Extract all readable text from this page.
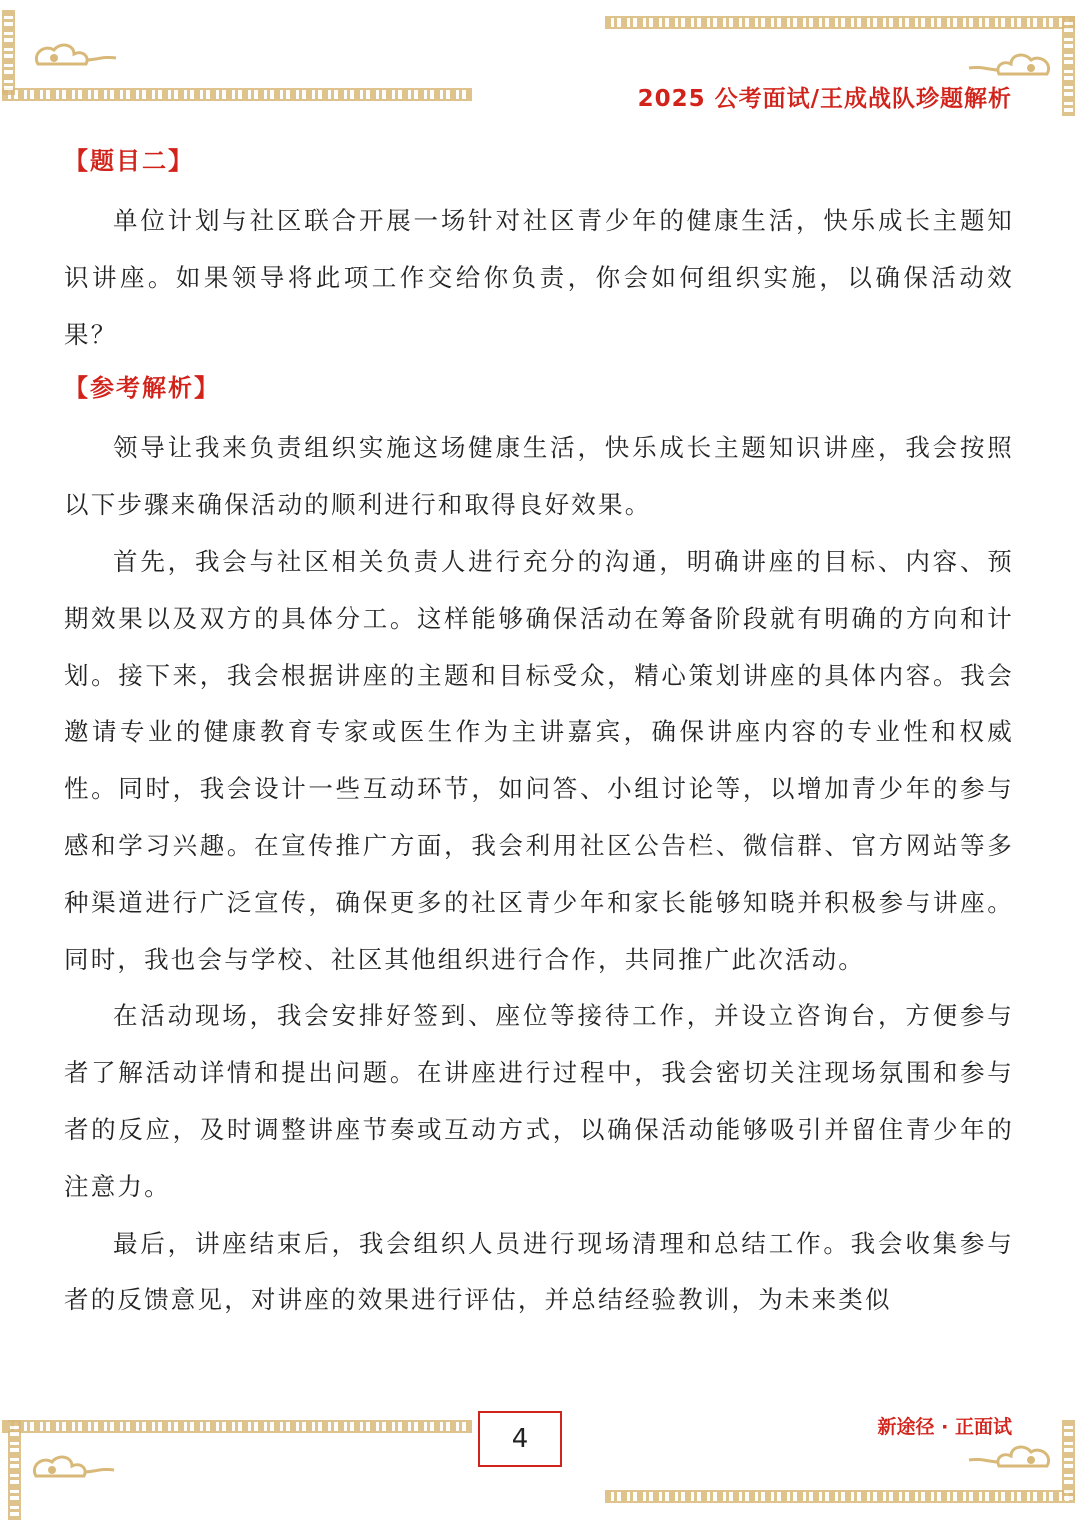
2025 公考面试/王成战队珍题解析
【题目二】

单位计划与社区联合开展一场针对社区青少年的健康生活，快乐成长主题知识讲座。如果领导将此项工作交给你负责，你会如何组织实施，以确保活动效果？

【参考解析】

领导让我来负责组织实施这场健康生活，快乐成长主题知识讲座，我会按照以下步骤来确保活动的顺利进行和取得良好效果。

首先，我会与社区相关负责人进行充分的沟通，明确讲座的目标、内容、预期效果以及双方的具体分工。这样能够确保活动在筹备阶段就有明确的方向和计划。接下来，我会根据讲座的主题和目标受众，精心策划讲座的具体内容。我会邀请专业的健康教育专家或医生作为主讲嘉宾，确保讲座内容的专业性和权威性。同时，我会设计一些互动环节，如问答、小组讨论等，以增加青少年的参与感和学习兴趣。在宣传推广方面，我会利用社区公告栏、微信群、官方网站等多种渠道进行广泛宣传，确保更多的社区青少年和家长能够知晓并积极参与讲座。同时，我也会与学校、社区其他组织进行合作，共同推广此次活动。

在活动现场，我会安排好签到、座位等接待工作，并设立咨询台，方便参与者了解活动详情和提出问题。在讲座进行过程中，我会密切关注现场氛围和参与者的反应，及时调整讲座节奏或互动方式，以确保活动能够吸引并留住青少年的注意力。

最后，讲座结束后，我会组织人员进行现场清理和总结工作。我会收集参与者的反馈意见，对讲座的效果进行评估，并总结经验教训，为未来类似

4	新途径 · 正面试
